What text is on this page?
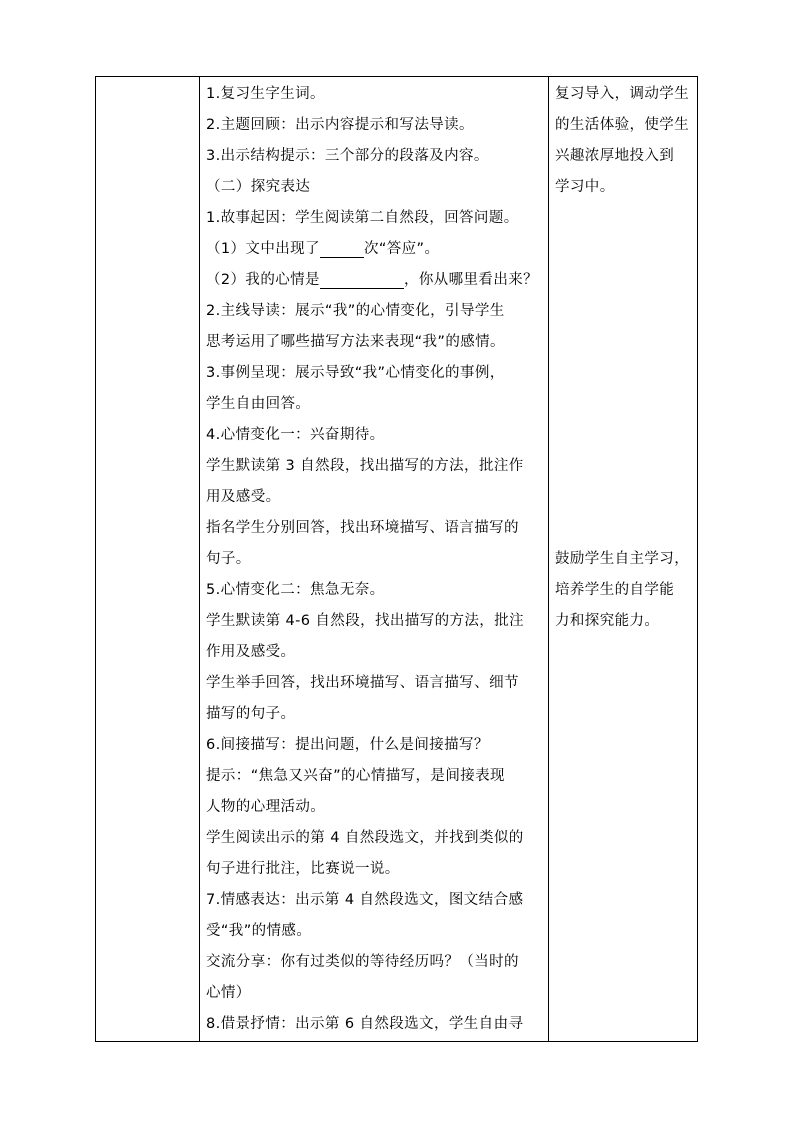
1.复习生字生词。
2.主题回顾：出示内容提示和写法导读。
3.出示结构提示：三个部分的段落及内容。
（二）探究表达
1.故事起因：学生阅读第二自然段，回答问题。
（1）文中出现了	次“答应”。
（2）我的心情是	，你从哪里看出来？
2.主线导读：展示“我”的心情变化，引导学生
思考运用了哪些描写方法来表现“我”的感情。
3.事例呈现：展示导致“我”心情变化的事例，
学生自由回答。
4.心情变化一：兴奋期待。
学生默读第 3 自然段，找出描写的方法，批注作
用及感受。
指名学生分别回答，找出环境描写、语言描写的
句子。
5.心情变化二：焦急无奈。
学生默读第 4-6 自然段，找出描写的方法，批注
作用及感受。
学生举手回答，找出环境描写、语言描写、细节
描写的句子。
6.间接描写：提出问题，什么是间接描写？
提示：“焦急又兴奋”的心情描写，是间接表现
人物的心理活动。
学生阅读出示的第 4 自然段选文，并找到类似的
句子进行批注，比赛说一说。
7.情感表达：出示第 4 自然段选文，图文结合感
受“我”的情感。
交流分享：你有过类似的等待经历吗？（当时的
心情）
8.借景抒情：出示第 6 自然段选文，学生自由寻
复习导入，调动学生
的生活体验，使学生
兴趣浓厚地投入到
学习中。
鼓励学生自主学习，
培养学生的自学能
力和探究能力。
